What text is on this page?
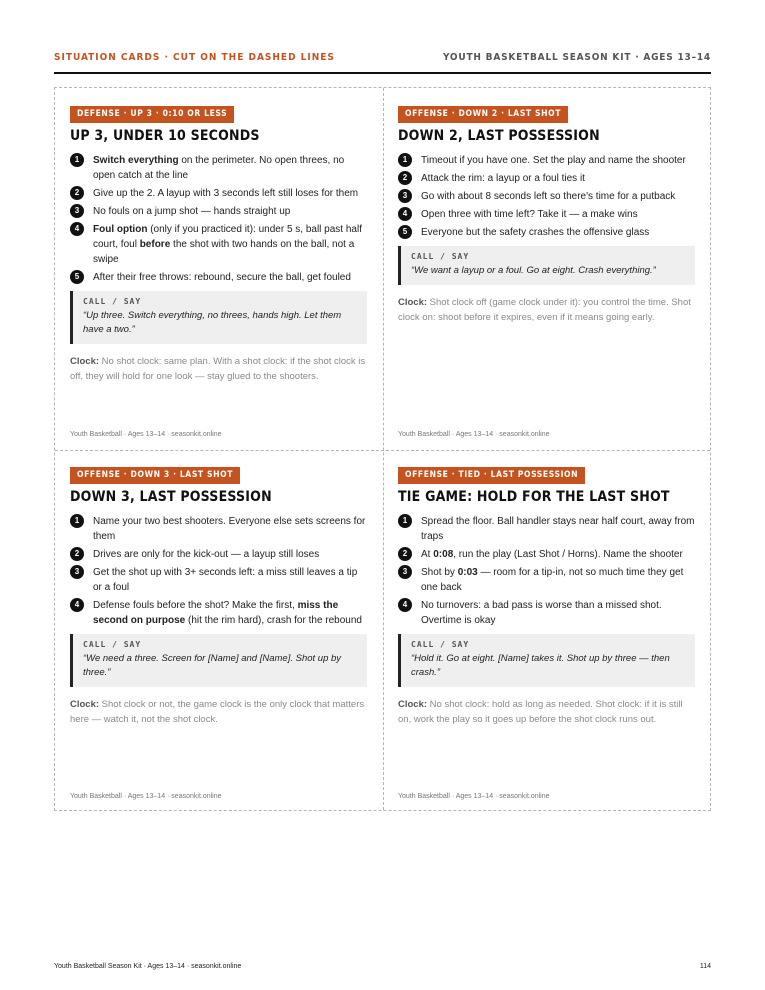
SITUATION CARDS · CUT ON THE DASHED LINES	YOUTH BASKETBALL SEASON KIT · AGES 13–14
DEFENSE · UP 3 · 0:10 OR LESS
UP 3, UNDER 10 SECONDS
1	Switch everything on the perimeter. No open threes, no open catch at the line
2	Give up the 2. A layup with 3 seconds left still loses for them
3	No fouls on a jump shot — hands straight up
4	Foul option (only if you practiced it): under 5 s, ball past half court, foul before the shot with two hands on the ball, not a swipe
5	After their free throws: rebound, secure the ball, get fouled
CALL / SAY
“Up three. Switch everything, no threes, hands high. Let them have a two.”
Clock: No shot clock: same plan. With a shot clock: if the shot clock is off, they will hold for one look — stay glued to the shooters.
Youth Basketball · Ages 13–14 · seasonkit.online
OFFENSE · DOWN 2 · LAST SHOT
DOWN 2, LAST POSSESSION
1	Timeout if you have one. Set the play and name the shooter
2	Attack the rim: a layup or a foul ties it
3	Go with about 8 seconds left so there's time for a putback
4	Open three with time left? Take it — a make wins
5	Everyone but the safety crashes the offensive glass
CALL / SAY
“We want a layup or a foul. Go at eight. Crash everything.”
Clock: Shot clock off (game clock under it): you control the time. Shot clock on: shoot before it expires, even if it means going early.
Youth Basketball · Ages 13–14 · seasonkit.online
OFFENSE · DOWN 3 · LAST SHOT
DOWN 3, LAST POSSESSION
1	Name your two best shooters. Everyone else sets screens for them
2	Drives are only for the kick-out — a layup still loses
3	Get the shot up with 3+ seconds left: a miss still leaves a tip or a foul
4	Defense fouls before the shot? Make the first, miss the second on purpose (hit the rim hard), crash for the rebound
CALL / SAY
“We need a three. Screen for [Name] and [Name]. Shot up by three.”
Clock: Shot clock or not, the game clock is the only clock that matters here — watch it, not the shot clock.
Youth Basketball · Ages 13–14 · seasonkit.online
OFFENSE · TIED · LAST POSSESSION
TIE GAME: HOLD FOR THE LAST SHOT
1	Spread the floor. Ball handler stays near half court, away from traps
2	At 0:08, run the play (Last Shot / Horns). Name the shooter
3	Shot by 0:03 — room for a tip-in, not so much time they get one back
4	No turnovers: a bad pass is worse than a missed shot. Overtime is okay
CALL / SAY
“Hold it. Go at eight. [Name] takes it. Shot up by three — then crash.”
Clock: No shot clock: hold as long as needed. Shot clock: if it is still on, work the play so it goes up before the shot clock runs out.
Youth Basketball · Ages 13–14 · seasonkit.online
Youth Basketball Season Kit · Ages 13–14 · seasonkit.online	114
